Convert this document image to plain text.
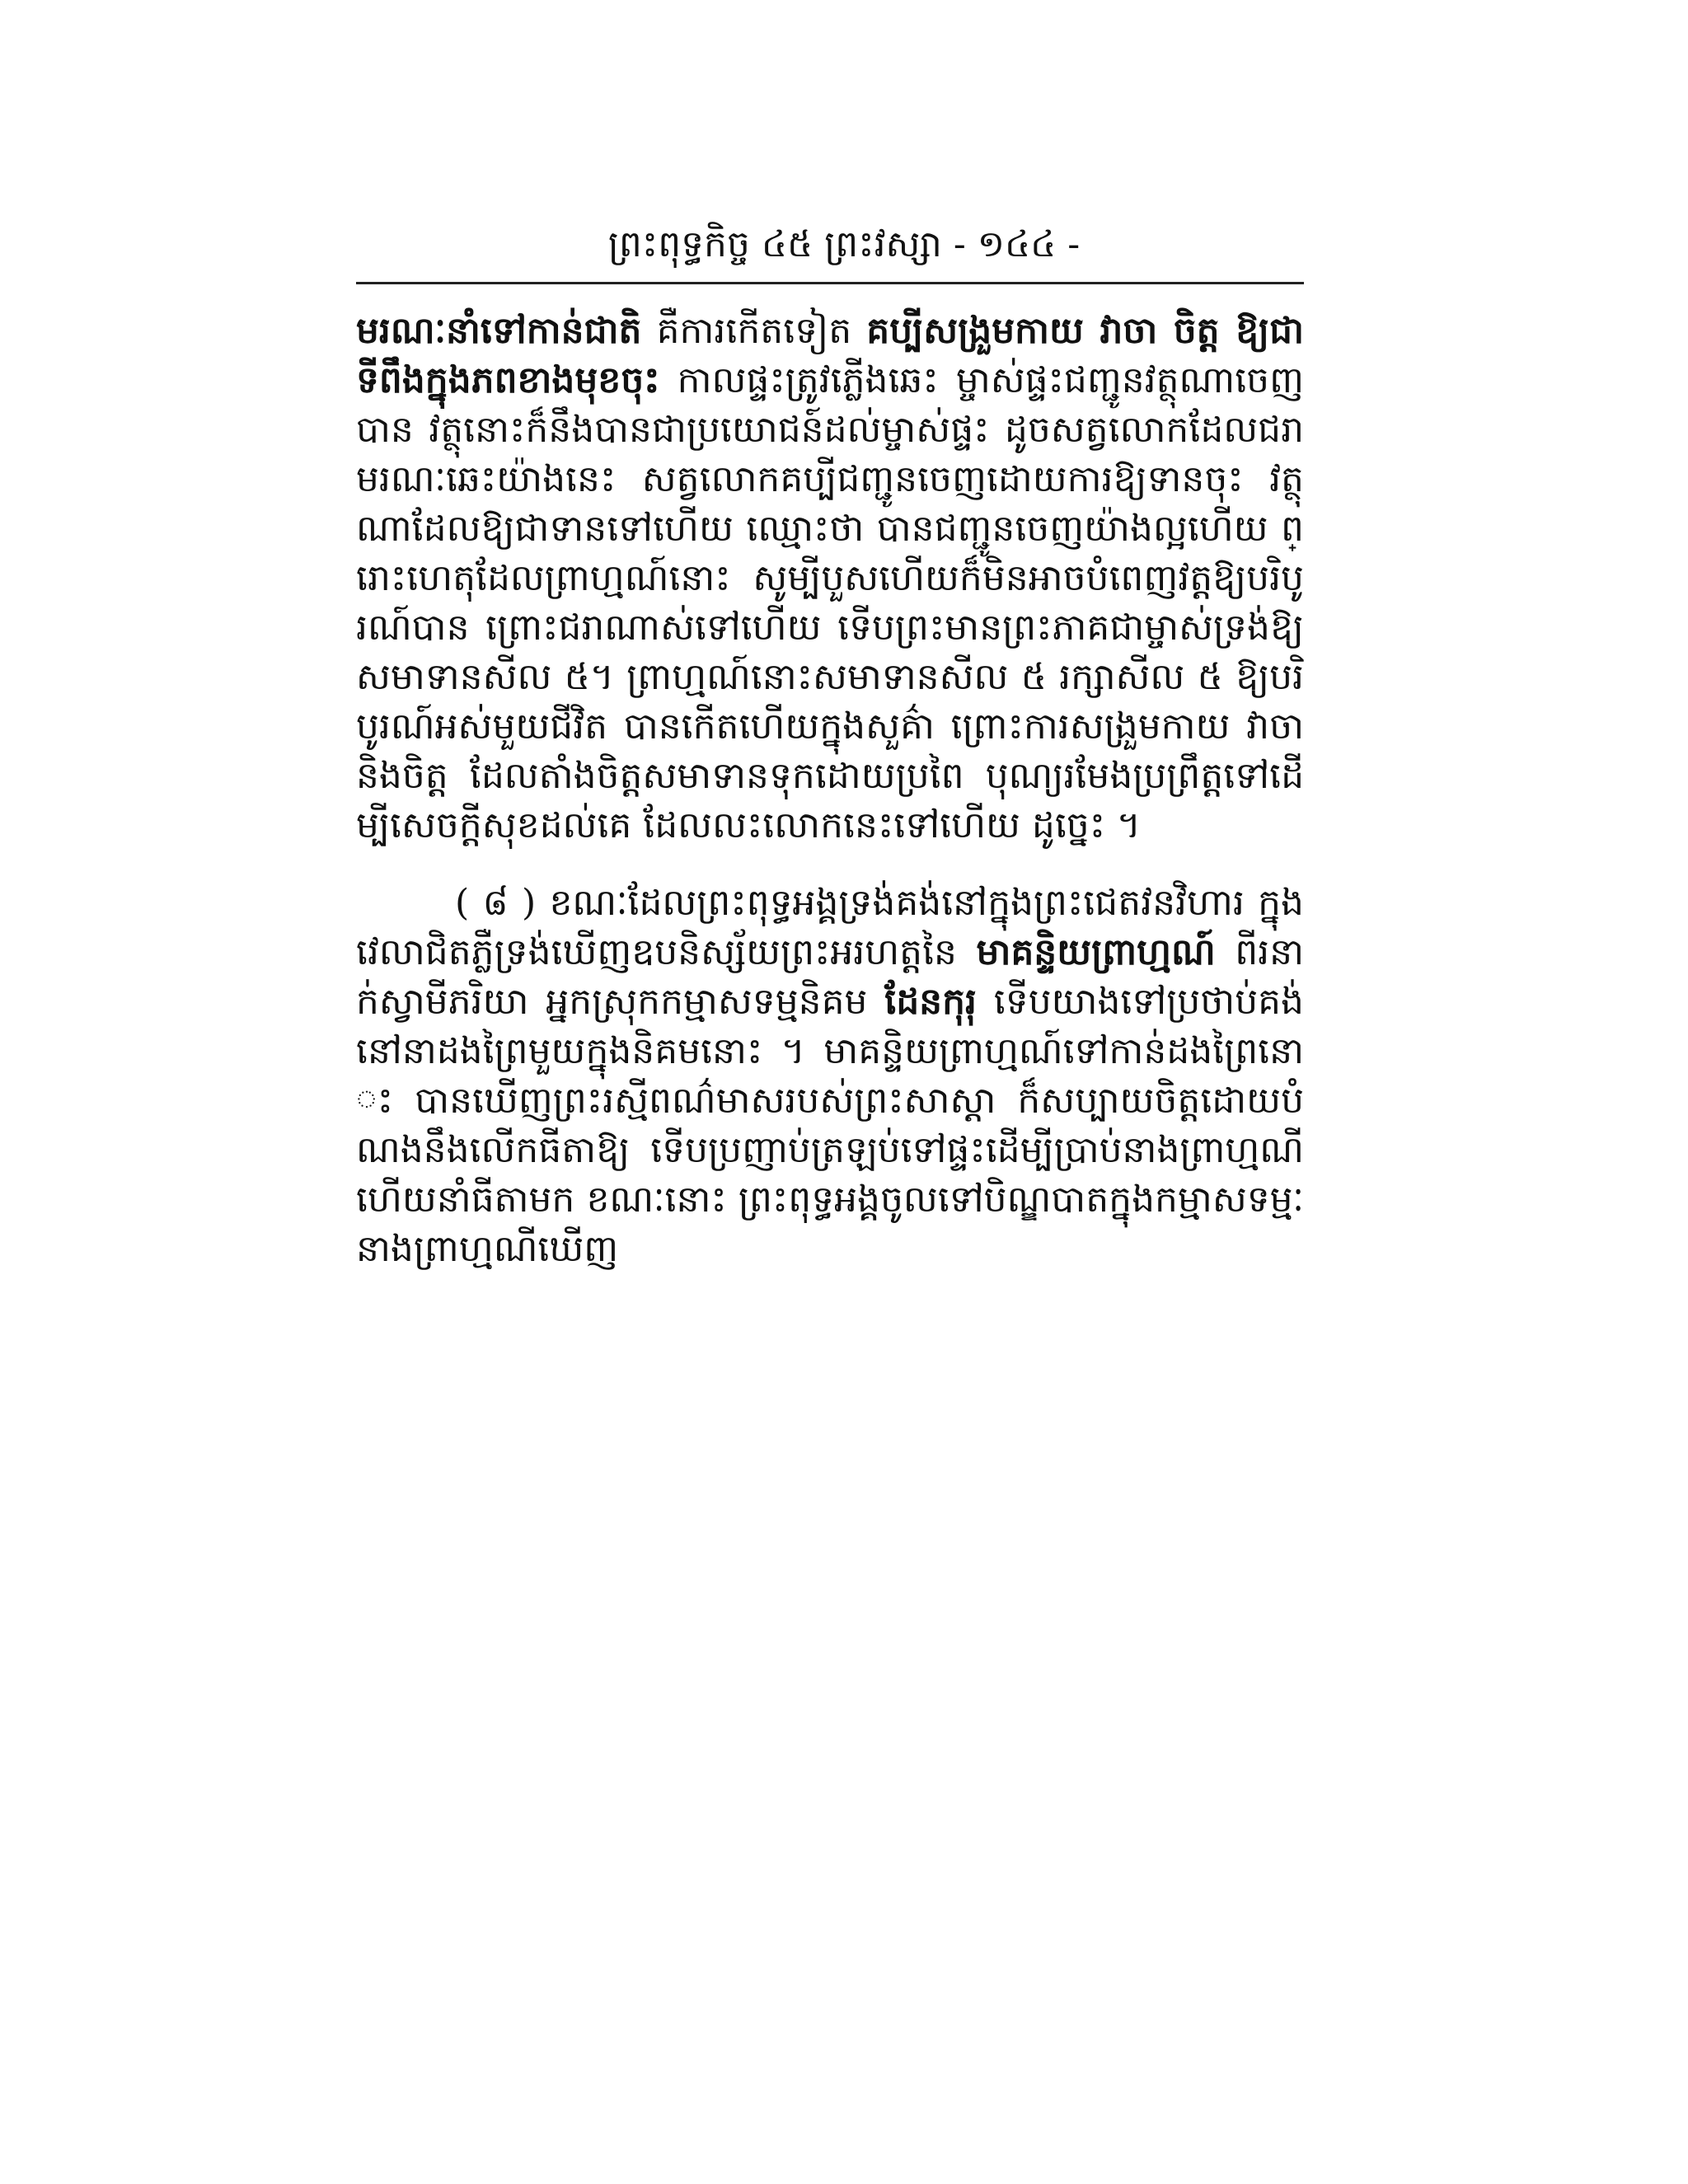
ព្រះពុទ្ធកិច្ច ៤៥ ព្រះវស្សា - ១៤៤ -

មរណៈនាំទៅកាន់ជាតិ គឺការកើតទៀត គប្បីសង្រួមកាយ វាចា ចិត្ត ឱ្យជាទីពឹងក្នុងភពខាងមុខចុះ កាលផ្ទះត្រូវភ្លើងឆេះ ម្ចាស់ផ្ទះជញ្ជូនវត្ថុណាចេញបាន វត្ថុនោះក៏នឹងបានជាប្រយោជន៍ដល់ម្ចាស់ផ្ទះ ដូចសត្វលោកដែលជរាមរណៈឆេះយ៉ាងនេះ សត្វលោកគប្បីជញ្ជូនចេញដោយការឱ្យទានចុះ វត្ថុណាដែលឱ្យជាទានទៅហើយ ឈ្មោះថា បានជញ្ជូនចេញយ៉ាងល្អហើយ ព្រោះហេតុដែលព្រាហ្មណ៍នោះ សូម្បីបួសហើយក៏មិនអាចបំពេញវត្តឱ្យបរិបូរណ៍បាន ព្រោះជរាណាស់ទៅហើយ ទើបព្រះមានព្រះភាគជាម្ចាស់ទ្រង់ឱ្យសមាទានសីល ៥។ ព្រាហ្មណ៍នោះសមាទានសីល ៥ រក្សាសីល ៥ ឱ្យបរិបូរណ៍អស់មួយជីវិត បានកើតហើយក្នុងសួគ៌ា ព្រោះការសង្រួមកាយ វាចា និងចិត្ត ដែលតាំងចិត្តសមាទានទុកដោយប្រពៃ បុណ្យរមែងប្រព្រឹត្តទៅដើម្បីសេចក្តីសុខដល់គេ ដែលលះលោកនេះទៅហើយ ដូច្នេះ ។

( ៨ ) ខណៈដែលព្រះពុទ្ធអង្គទ្រង់គង់នៅក្នុងព្រះជេតវនវិហារ ក្នុងវេលាជិតភ្លឺទ្រង់ឃើញឧបនិស្ស័យព្រះអរហត្តនៃ មាគន្ទិយព្រាហ្មណ៍ ពីរនាក់ស្វាមីភរិយា អ្នកស្រុកកម្មាសទម្មនិគម ដែនកុរុ ទើបយាងទៅប្រថាប់គង់នៅនាដងព្រៃមួយក្នុងនិគមនោះ ។ មាគន្ទិយព្រាហ្មណ៍ទៅកាន់ដងព្រៃនោះ បានឃើញព្រះរស្មីពណ៌មាសរបស់ព្រះសាស្តា ក៏សប្បាយចិត្តដោយបំណងនឹងលើកធីតាឱ្យ ទើបប្រញាប់ត្រឡប់ទៅផ្ទះដើម្បីប្រាប់នាងព្រាហ្មណី ហើយនាំធីតាមក ខណៈនោះ ព្រះពុទ្ធអង្គចូលទៅបិណ្ឌបាតក្នុងកម្មាសទម្មៈ នាងព្រាហ្មណីឃើញ
